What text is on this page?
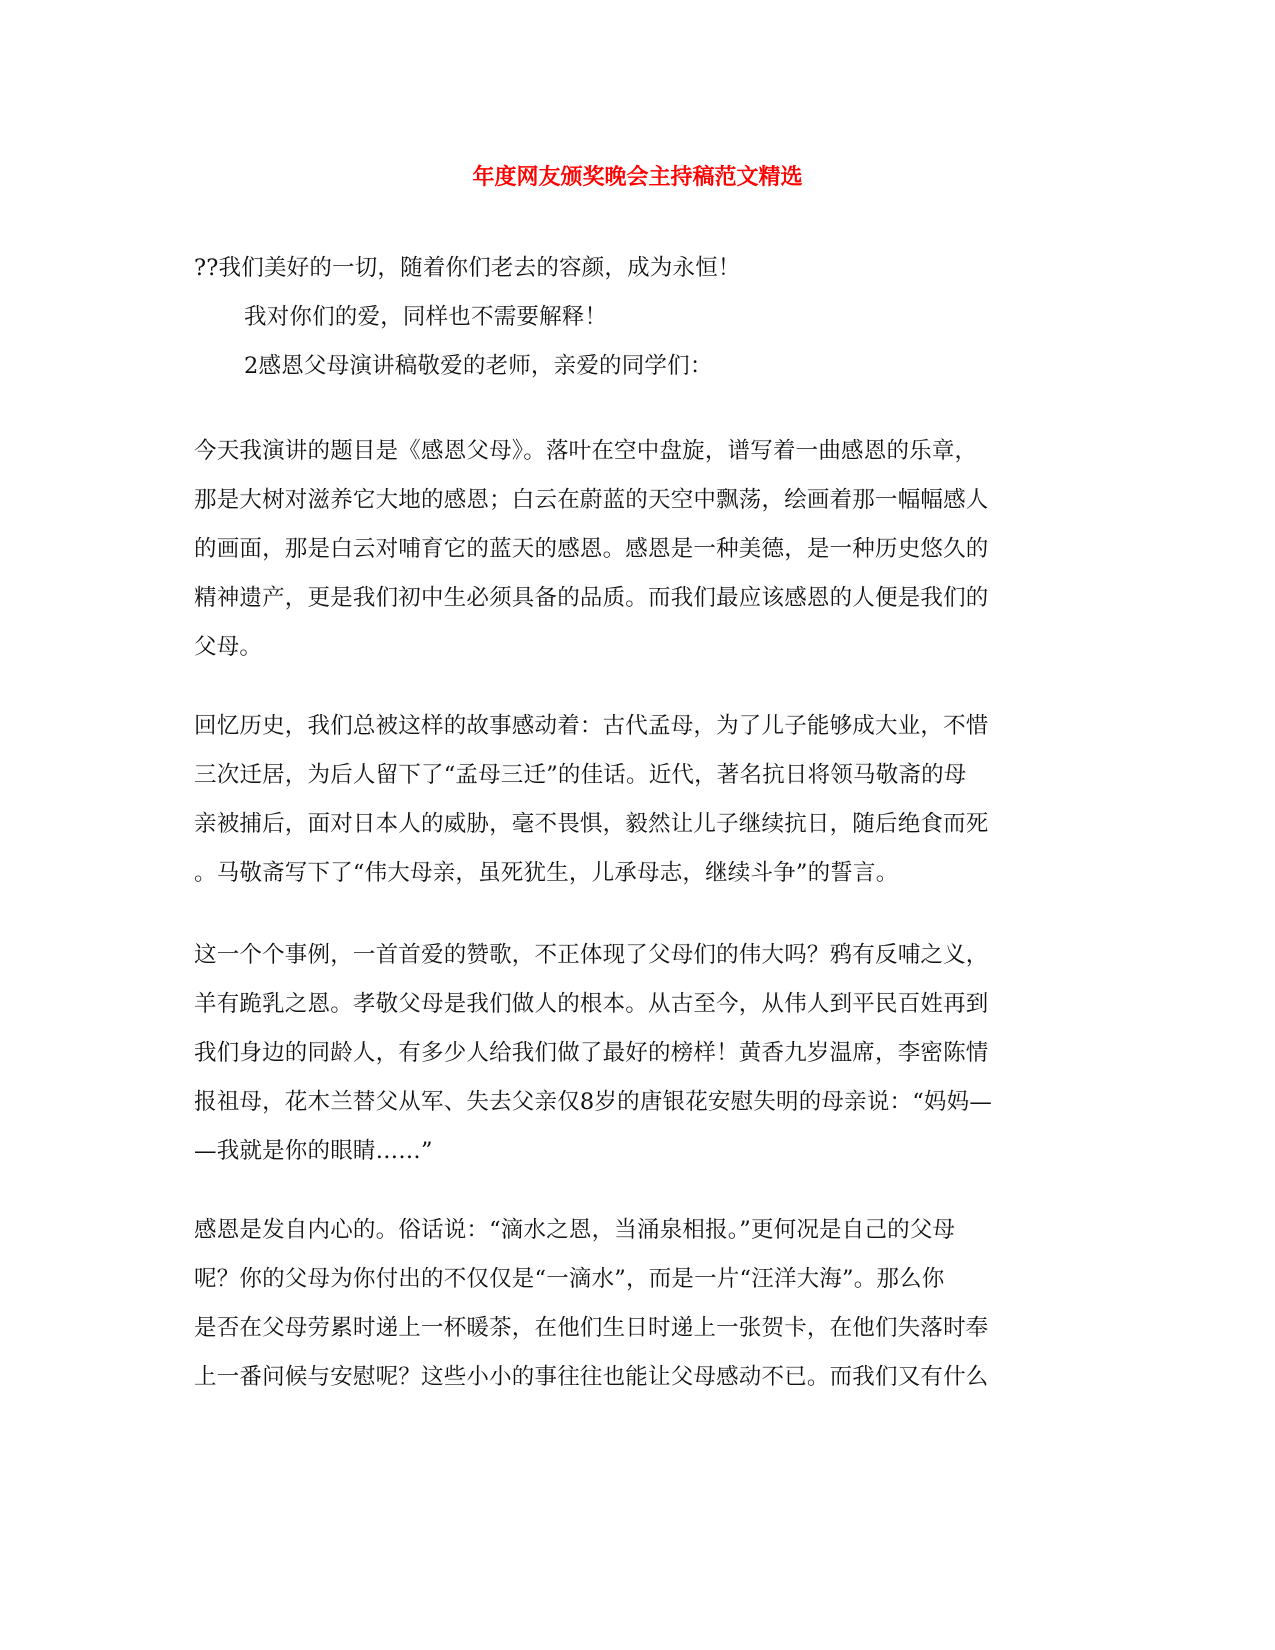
年度网友颁奖晚会主持稿范文精选
??我们美好的一切，随着你们老去的容颜，成为永恒！
我对你们的爱，同样也不需要解释！
2感恩父母演讲稿敬爱的老师，亲爱的同学们：
今天我演讲的题目是《感恩父母》。落叶在空中盘旋，谱写着一曲感恩的乐章，
那是大树对滋养它大地的感恩；白云在蔚蓝的天空中飘荡，绘画着那一幅幅感人
的画面，那是白云对哺育它的蓝天的感恩。感恩是一种美德，是一种历史悠久的
精神遗产，更是我们初中生必须具备的品质。而我们最应该感恩的人便是我们的
父母。
回忆历史，我们总被这样的故事感动着：古代孟母，为了儿子能够成大业，不惜
三次迁居，为后人留下了“孟母三迁”的佳话。近代，著名抗日将领马敬斋的母
亲被捕后，面对日本人的威胁，毫不畏惧，毅然让儿子继续抗日，随后绝食而死
。马敬斋写下了“伟大母亲，虽死犹生，儿承母志，继续斗争”的誓言。
这一个个事例，一首首爱的赞歌，不正体现了父母们的伟大吗？鸦有反哺之义，
羊有跪乳之恩。孝敬父母是我们做人的根本。从古至今，从伟人到平民百姓再到
我们身边的同龄人，有多少人给我们做了最好的榜样！黄香九岁温席，李密陈情
报祖母，花木兰替父从军、失去父亲仅8岁的唐银花安慰失明的母亲说：“妈妈—
—我就是你的眼睛……”
感恩是发自内心的。俗话说：“滴水之恩，当涌泉相报。”更何况是自己的父母
呢？你的父母为你付出的不仅仅是“一滴水”，而是一片“汪洋大海”。那么你
是否在父母劳累时递上一杯暖茶，在他们生日时递上一张贺卡，在他们失落时奉
上一番问候与安慰呢？这些小小的事往往也能让父母感动不已。而我们又有什么
